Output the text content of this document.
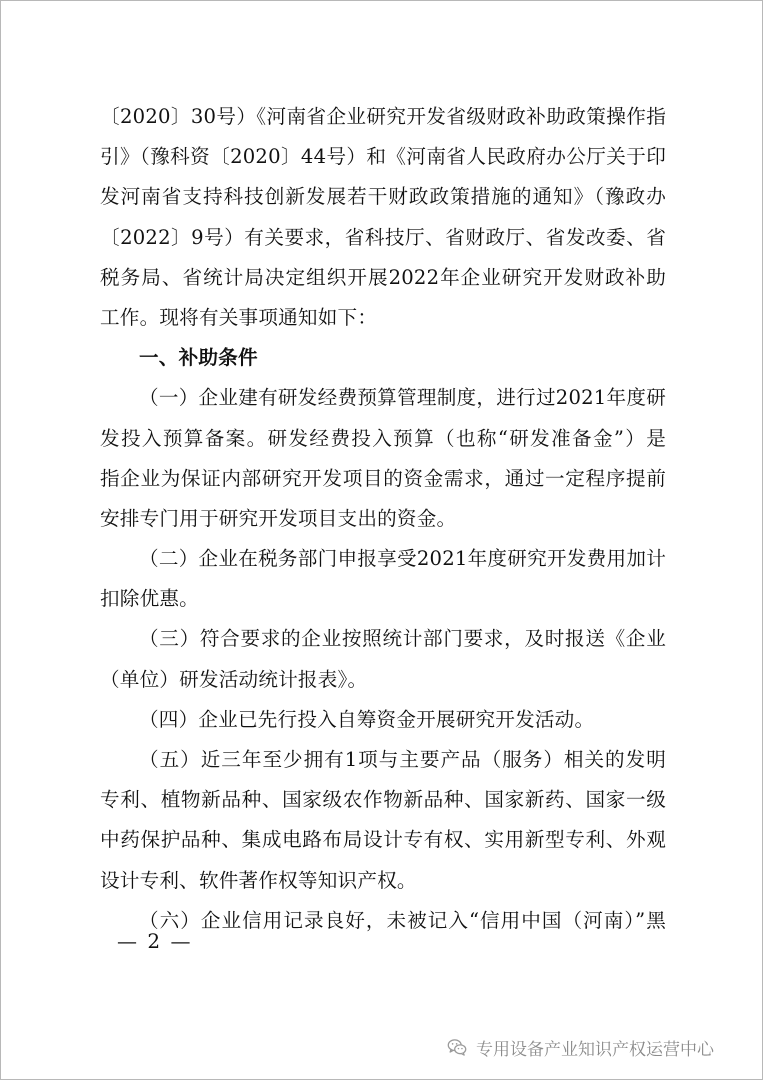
〔2020〕30号）《河南省企业研究开发省级财政补助政策操作指
引》（豫科资〔2020〕44号）和《河南省人民政府办公厅关于印
发河南省支持科技创新发展若干财政政策措施的通知》（豫政办
〔2022〕9号）有关要求，省科技厅、省财政厅、省发改委、省
税务局、省统计局决定组织开展2022年企业研究开发财政补助
工作。现将有关事项通知如下：
一、补助条件
（一）企业建有研发经费预算管理制度，进行过2021年度研
发投入预算备案。研发经费投入预算（也称“研发准备金”）是
指企业为保证内部研究开发项目的资金需求，通过一定程序提前
安排专门用于研究开发项目支出的资金。
（二）企业在税务部门申报享受2021年度研究开发费用加计
扣除优惠。
（三）符合要求的企业按照统计部门要求，及时报送《企业
（单位）研发活动统计报表》。
（四）企业已先行投入自筹资金开展研究开发活动。
（五）近三年至少拥有1项与主要产品（服务）相关的发明
专利、植物新品种、国家级农作物新品种、国家新药、国家一级
中药保护品种、集成电路布局设计专有权、实用新型专利、外观
设计专利、软件著作权等知识产权。
（六）企业信用记录良好，未被记入“信用中国（河南）”黑
— 2 —
专用设备产业知识产权运营中心
